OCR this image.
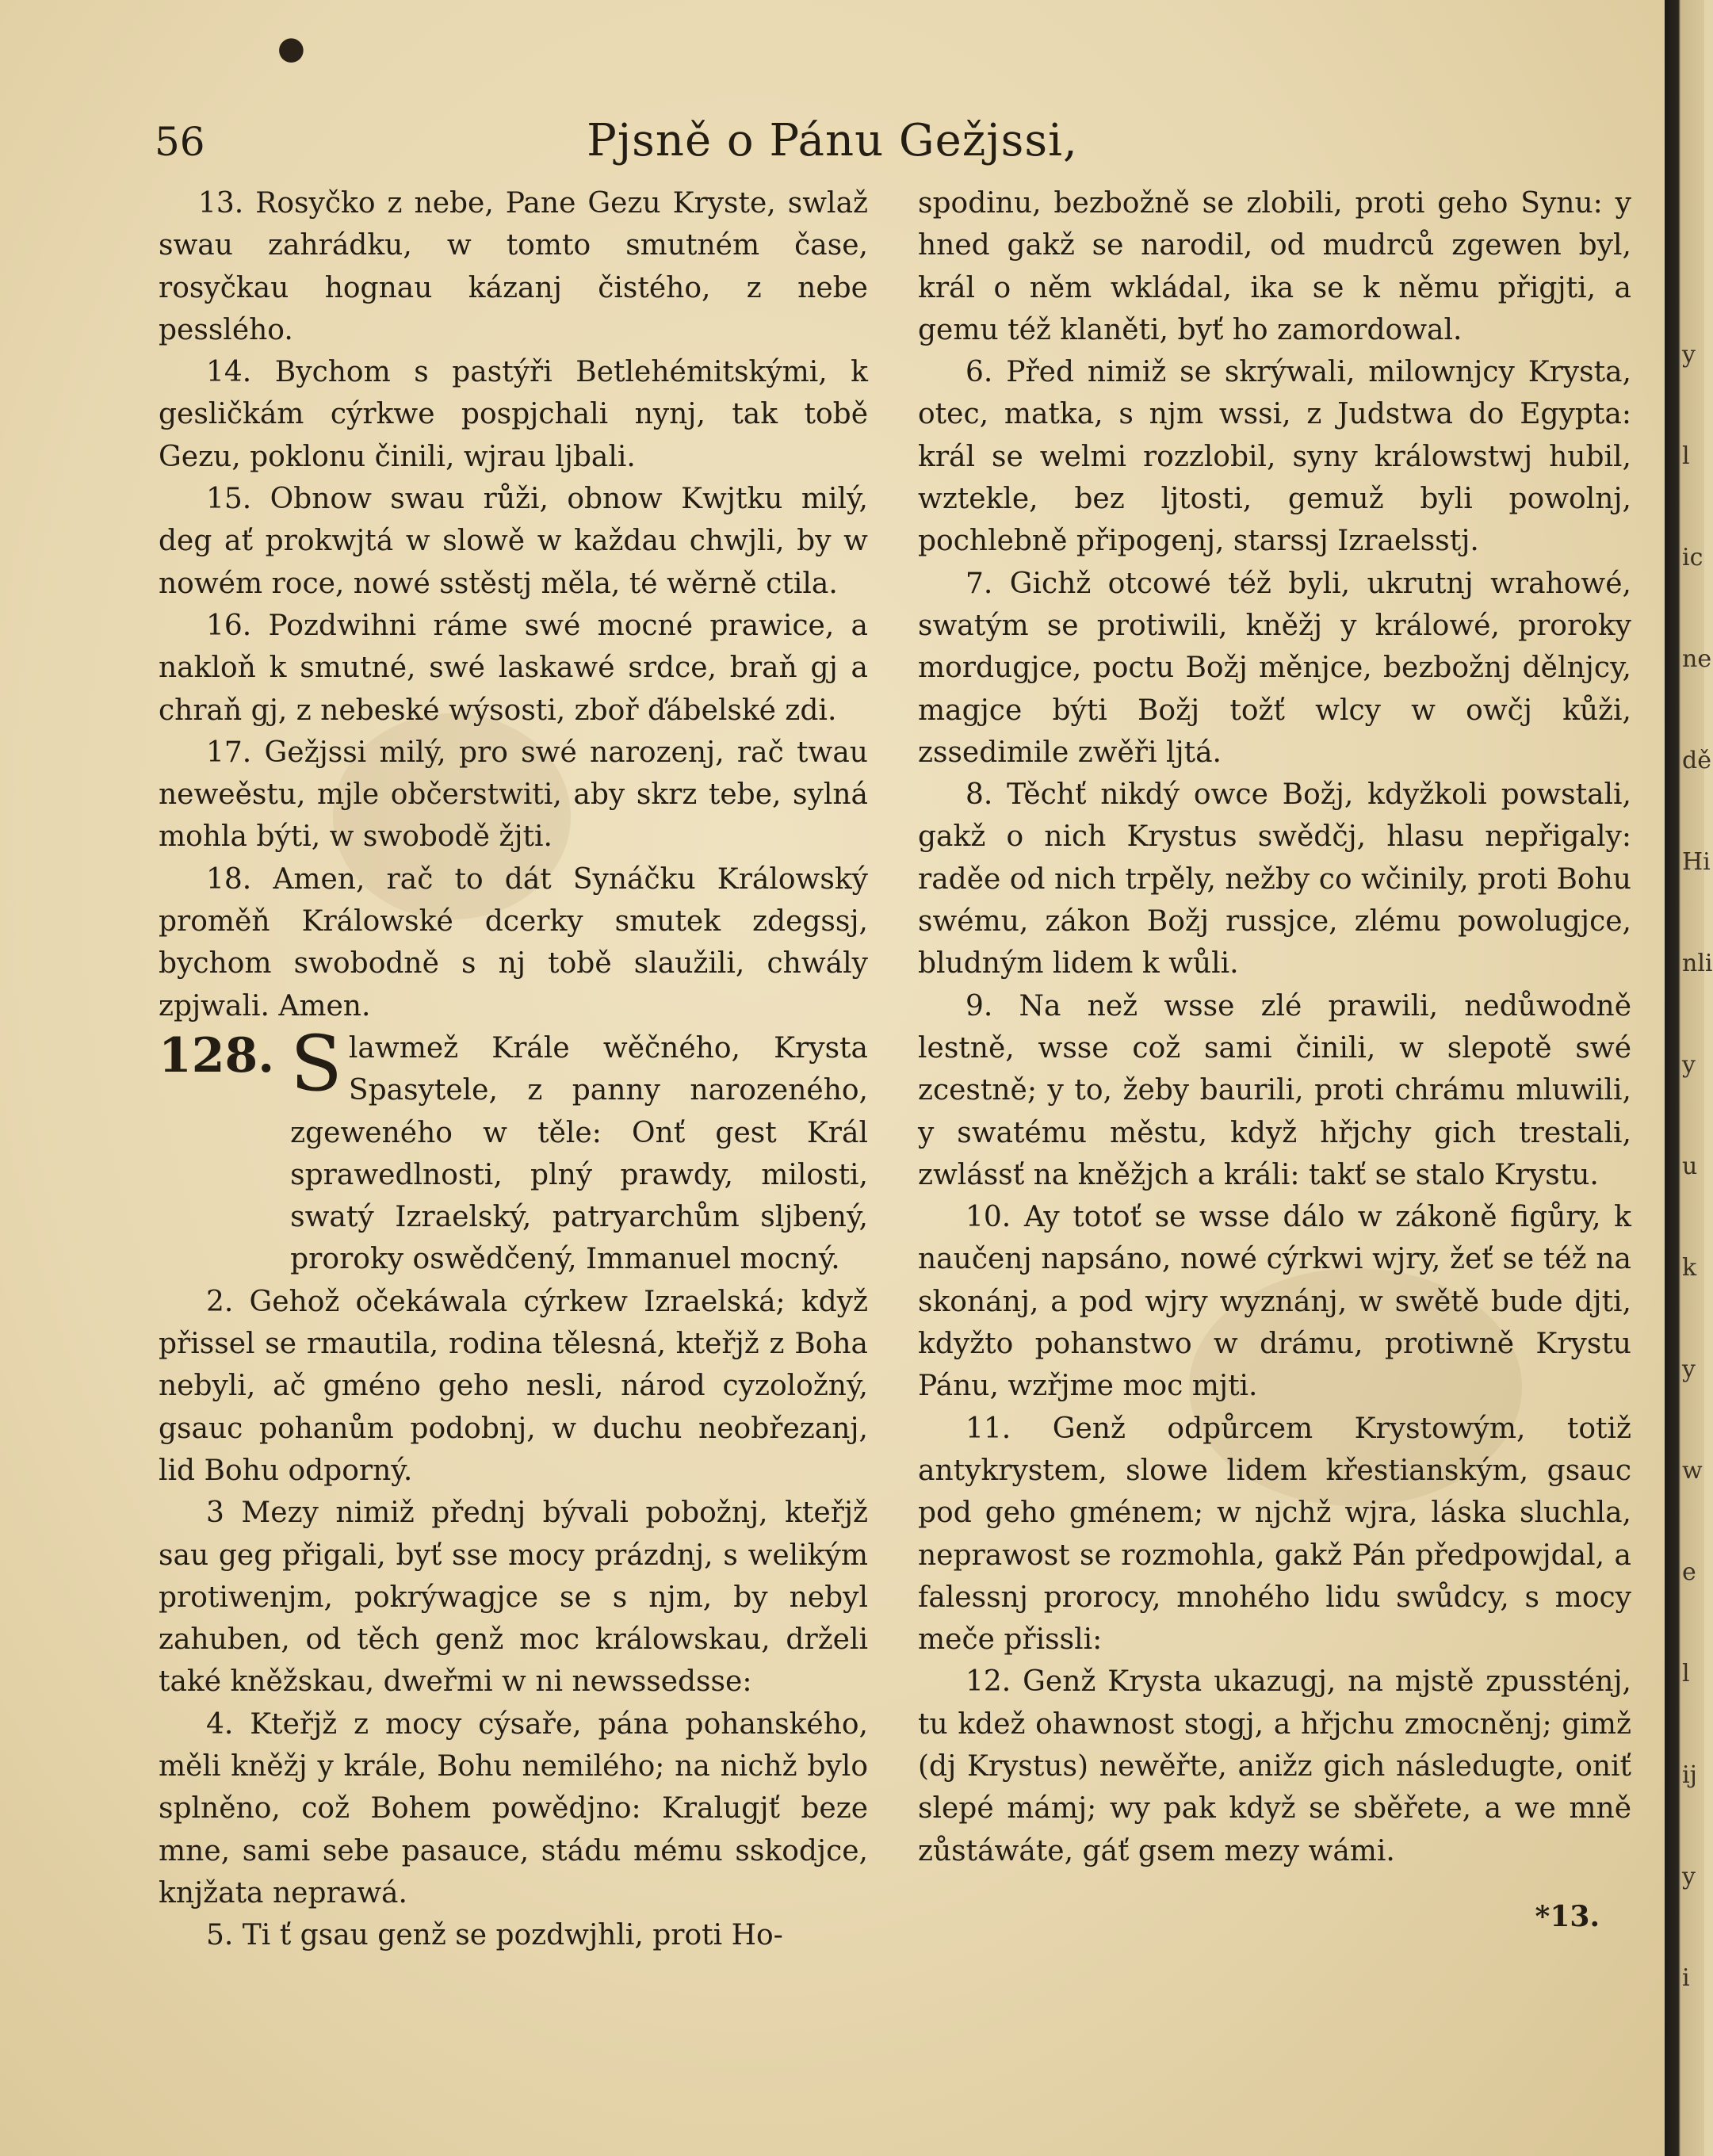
●
56	Pjsně o Pánu Gežjssi,

13. Rosyčko z nebe, Pane Gezu Kryste, swlaž swau zahrádku, w tomto smutném čase, rosyčkau hognau kázanj čistého, z nebe pesslého.

14. Bychom s pastýři Betlehémitskými, k gesličkám cýrkwe pospjchali nynj, tak tobě Gezu, poklonu činili, wjrau ljbali.

15. Obnow swau růži, obnow Kwjtku milý, deg ať prokwjtá w slowě w každau chwjli, by w nowém roce, nowé sstěstj měla, té wěrně ctila.

16. Pozdwihni ráme swé mocné prawice, a nakloň k smutné, swé laskawé srdce, braň gj a chraň gj, z nebeské wýsosti, zboř ďábelské zdi.

17. Gežjssi milý, pro swé narozenj, rač twau neweěstu, mjle občerstwiti, aby skrz tebe, sylná mohla býti, w swobodě žjti.

18. Amen, rač to dát Synáčku Králowský proměň Králowské dcerky smutek zdegssj, bychom swobodně s nj tobě slaužili, chwály zpjwali. Amen.

128. Slawmež Krále wěčného, Krysta Spasytele, z panny narozeného, zgeweného w těle: Onť gest Král sprawedlnosti, plný prawdy, milosti, swatý Izraelský, patryarchům sljbený, proroky oswědčený, Immanuel mocný.

2. Gehož očekáwala cýrkew Izraelská; když přissel se rmautila, rodina tělesná, kteřjž z Boha nebyli, ač gméno geho nesli, národ cyzoložný, gsauc pohanům podobnj, w duchu neobřezanj, lid Bohu odporný.

3 Mezy nimiž přednj bývali pobožnj, kteřjž sau geg přigali, byť sse mocy prázdnj, s welikým protiwenjm, pokrýwagjce se s njm, by nebyl zahuben, od těch genž moc králowskau, drželi také kněžskau, dweřmi w ni newssedsse:

4. Kteřjž z mocy cýsaře, pána pohanského, měli kněžj y krále, Bohu nemilého; na nichž bylo splněno, což Bohem powědjno: Kralugjť beze mne, sami sebe pasauce, stádu mému sskodjce, knjžata neprawá.

5. Ti ť gsau genž se pozdwjhli, proti Ho-

spodinu, bezbožně se zlobili, proti geho Synu: y hned gakž se narodil, od mudrců zgewen byl, král o něm wkládal, ika se k němu přigjti, a gemu též klaněti, byť ho zamordowal.

6. Před nimiž se skrýwali, milownjcy Krysta, otec, matka, s njm wssi, z Judstwa do Egypta: král se welmi rozzlobil, syny králowstwj hubil, wztekle, bez ljtosti, gemuž byli powolnj, pochlebně připogenj, starssj Izraelsstj.

7. Gichž otcowé též byli, ukrutnj wrahowé, swatým se protiwili, kněžj y králowé, proroky mordugjce, poctu Božj měnjce, bezbožnj dělnjcy, magjce býti Božj tožť wlcy w owčj kůži, zssedimile zwěři ljtá.

8. Těchť nikdý owce Božj, kdyžkoli powstali, gakž o nich Krystus swědčj, hlasu nepřigaly: raděe od nich trpěly, nežby co wčinily, proti Bohu swému, zákon Božj russjce, zlému powolugjce, bludným lidem k wůli.

9. Na než wsse zlé prawili, nedůwodně lestně, wsse což sami činili, w slepotě swé zcestně; y to, žeby baurili, proti chrámu mluwili, y swatému městu, když hřjchy gich trestali, zwlássť na kněžjch a králi: takť se stalo Krystu.

10. Ay totoť se wsse dálo w zákoně figůry, k naučenj napsáno, nowé cýrkwi wjry, žeť se též na skonánj, a pod wjry wyznánj, w swětě bude djti, kdyžto pohanstwo w drámu, protiwně Krystu Pánu, wzřjme moc mjti.

11. Genž odpůrcem Krystowým, totiž antykrystem, slowe lidem křestianským, gsauc pod geho gménem; w njchž wjra, láska sluchla, neprawost se rozmohla, gakž Pán předpowjdal, a falessnj prorocy, mnohého lidu swůdcy, s mocy meče přissli:

12. Genž Krysta ukazugj, na mjstě zpussténj, tu kdež ohawnost stogj, a hřjchu zmocněnj; gimž (dj Krystus) newěřte, anižz gich následugte, oniť slepé mámj; wy pak když se sběřete, a we mně zůstáwáte, gáť gsem mezy wámi.

*13.
y
l
ic
ne
dě
Hi
nli
y
u
k
y
w
e
l
ij
y
i
